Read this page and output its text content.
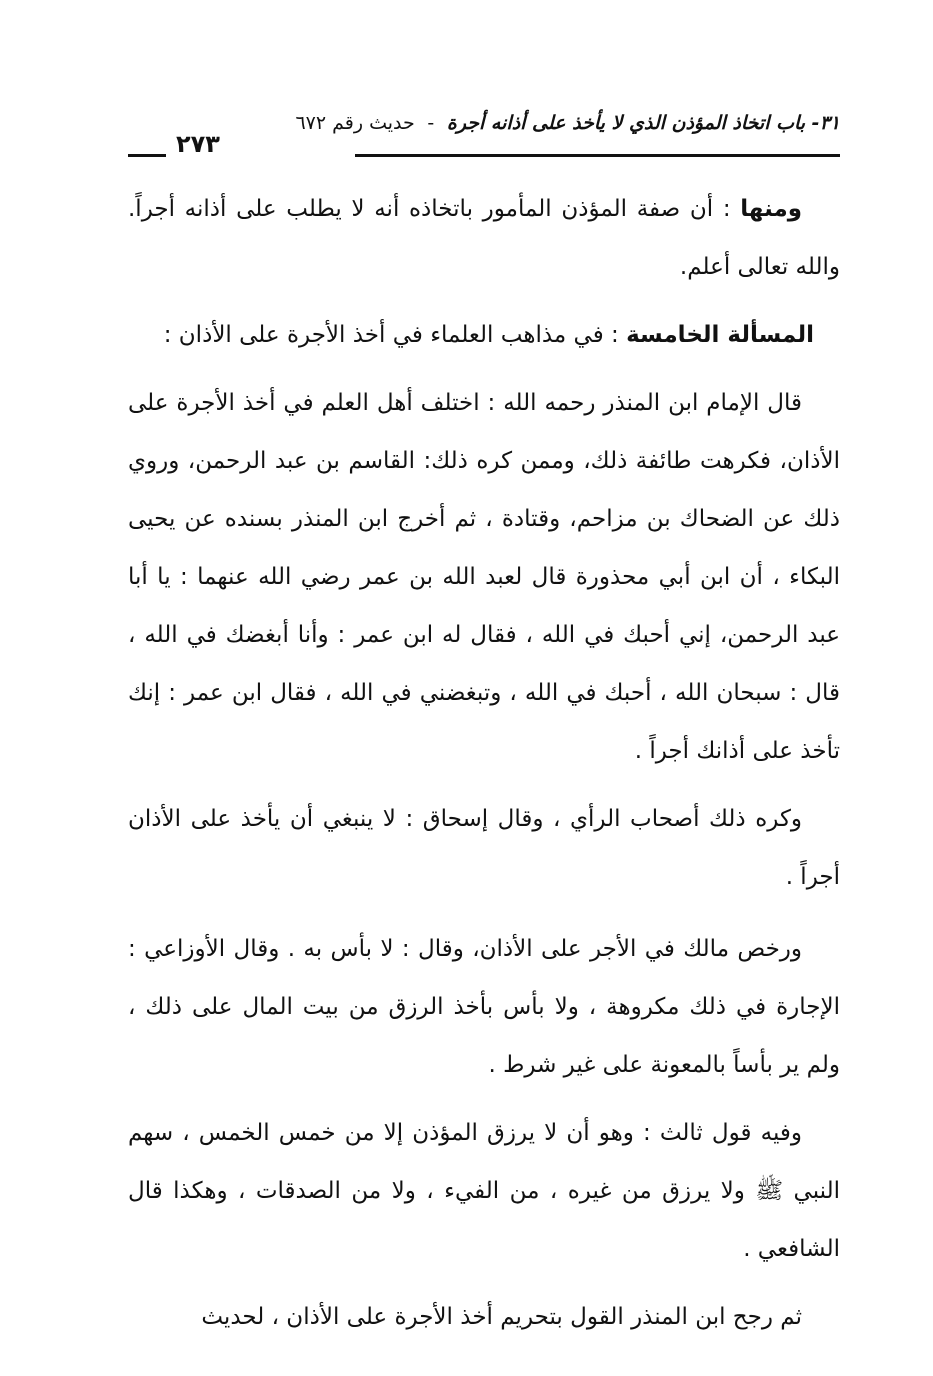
٣١- باب اتخاذ المؤذن الذي لا يأخذ على أذانه أجرة - حديث رقم ٦٧٢
٢٧٣

ومنها : أن صفة المؤذن المأمور باتخاذه أنه لا يطلب على أذانه أجراً. والله تعالى أعلم.

المسألة الخامسة : في مذاهب العلماء في أخذ الأجرة على الأذان :

قال الإمام ابن المنذر رحمه الله : اختلف أهل العلم في أخذ الأجرة على الأذان، فكرهت طائفة ذلك، وممن كره ذلك: القاسم بن عبد الرحمن، وروي ذلك عن الضحاك بن مزاحم، وقتادة ، ثم أخرج ابن المنذر بسنده عن يحيى البكاء ، أن ابن أبي محذورة قال لعبد الله بن عمر رضي الله عنهما : يا أبا عبد الرحمن، إني أحبك في الله ، فقال له ابن عمر : وأنا أبغضك في الله ، قال : سبحان الله ، أحبك في الله ، وتبغضني في الله ، فقال ابن عمر : إنك تأخذ على أذانك أجراً .

وكره ذلك أصحاب الرأي ، وقال إسحاق : لا ينبغي أن يأخذ على الأذان أجراً .

ورخص مالك في الأجر على الأذان، وقال : لا بأس به . وقال الأوزاعي : الإجارة في ذلك مكروهة ، ولا بأس بأخذ الرزق من بيت المال على ذلك ، ولم ير بأساً بالمعونة على غير شرط .

وفيه قول ثالث : وهو أن لا يرزق المؤذن إلا من خمس الخمس ، سهم النبي ﷺ ولا يرزق من غيره ، من الفيء ، ولا من الصدقات ، وهكذا قال الشافعي .

ثم رجح ابن المنذر القول بتحريم أخذ الأجرة على الأذان ، لحديث
